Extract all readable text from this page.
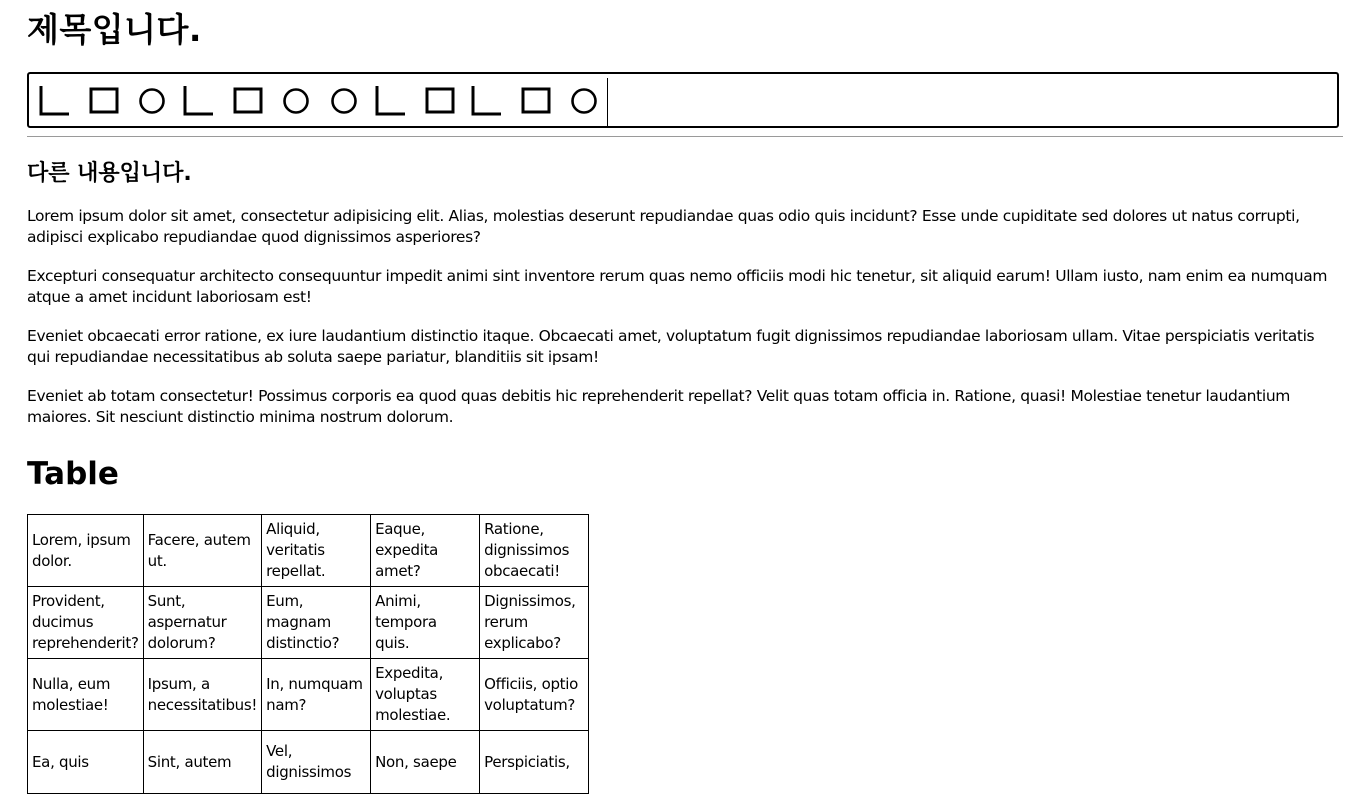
제목입니다.
다른 내용입니다.

Lorem ipsum dolor sit amet, consectetur adipisicing elit. Alias, molestias deserunt repudiandae quas odio quis incidunt? Esse unde cupiditate sed dolores ut natus corrupti, adipisci explicabo repudiandae quod dignissimos asperiores?

Excepturi consequatur architecto consequuntur impedit animi sint inventore rerum quas nemo officiis modi hic tenetur, sit aliquid earum! Ullam iusto, nam enim ea numquam atque a amet incidunt laboriosam est!

Eveniet obcaecati error ratione, ex iure laudantium distinctio itaque. Obcaecati amet, voluptatum fugit dignissimos repudiandae laboriosam ullam. Vitae perspiciatis veritatis qui repudiandae necessitatibus ab soluta saepe pariatur, blanditiis sit ipsam!

Eveniet ab totam consectetur! Possimus corporis ea quod quas debitis hic reprehenderit repellat? Velit quas totam officia in. Ratione, quasi! Molestiae tenetur laudantium maiores. Sit nesciunt distinctio minima nostrum dolorum.

Table
Lorem, ipsum dolor.	Facere, autem ut.	Aliquid, veritatis repellat.	Eaque, expedita amet?	Ratione, dignissimos obcaecati!
Provident, ducimus reprehenderit?	Sunt, aspernatur dolorum?	Eum, magnam distinctio?	Animi, tempora quis.	Dignissimos, rerum explicabo?
Nulla, eum molestiae!	Ipsum, a necessitatibus!	In, numquam nam?	Expedita, voluptas molestiae.	Officiis, optio voluptatum?
Ea, quis	Sint, autem	Vel, dignissimos	Non, saepe	Perspiciatis,
